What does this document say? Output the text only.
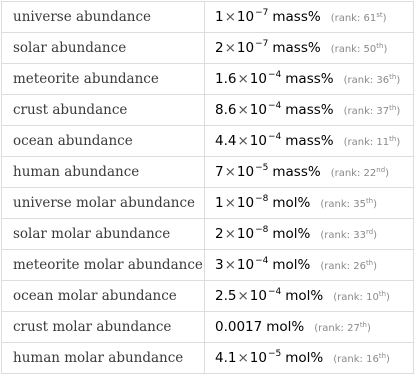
universe abundance	$1\times 10^{-7}$ mass% (rank: 61st)
solar abundance	$2\times 10^{-7}$ mass% (rank: 50th)
meteorite abundance	$1.6\times 10^{-4}$ mass% (rank: 36th)
crust abundance	$8.6\times 10^{-4}$ mass% (rank: 37th)
ocean abundance	$4.4\times 10^{-4}$ mass% (rank: 11th)
human abundance	$7\times 10^{-5}$ mass% (rank: 22nd)
universe molar abundance	$1\times 10^{-8}$ mol% (rank: 35th)
solar molar abundance	$2\times 10^{-8}$ mol% (rank: 33rd)
meteorite molar abundance	$3\times 10^{-4}$ mol% (rank: 26th)
ocean molar abundance	$2.5\times 10^{-4}$ mol% (rank: 10th)
crust molar abundance	0.0017 mol% (rank: 27th)
human molar abundance	$4.1\times 10^{-5}$ mol% (rank: 16th)
